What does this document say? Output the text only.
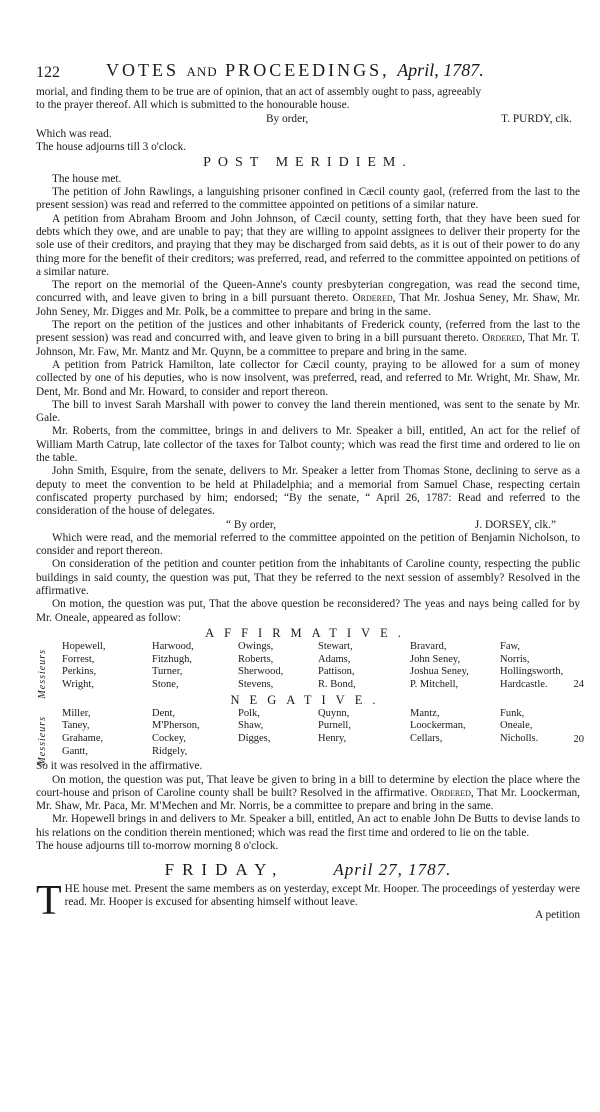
122	VOTES AND PROCEEDINGS, April, 1787.

morial, and finding them to be true are of opinion, that an act of assembly ought to pass, agreeably

to the prayer thereof. All which is submitted to the honourable house.

By order,	T. PURDY, clk.

Which was read.

The house adjourns till 3 o'clock.

POST MERIDIEM.

The house met.

The petition of John Rawlings, a languishing prisoner confined in Cæcil county gaol, (referred from the last to the present session) was read and referred to the committee appointed on petitions of a similar nature.

A petition from Abraham Broom and John Johnson, of Cæcil county, setting forth, that they have been sued for debts which they owe, and are unable to pay; that they are willing to appoint assignees to deliver their property for the sole use of their creditors, and praying that they may be discharged from said debts, as it is out of their power to do any thing more for the benefit of their creditors; was preferred, read, and referred to the committee appointed on petitions of a similar nature.

The report on the memorial of the Queen-Anne's county presbyterian congregation, was read the second time, concurred with, and leave given to bring in a bill pursuant thereto. Ordered, That Mr. Joshua Seney, Mr. Shaw, Mr. John Seney, Mr. Digges and Mr. Polk, be a committee to prepare and bring in the same.

The report on the petition of the justices and other inhabitants of Frederick county, (referred from the last to the present session) was read and concurred with, and leave given to bring in a bill pursuant thereto. Ordered, That Mr. T. Johnson, Mr. Faw, Mr. Mantz and Mr. Quynn, be a committee to prepare and bring in the same.

A petition from Patrick Hamilton, late collector for Cæcil county, praying to be allowed for a sum of money collected by one of his deputies, who is now insolvent, was preferred, read, and referred to Mr. Wright, Mr. Shaw, Mr. Dent, Mr. Bond and Mr. Howard, to consider and report thereon.

The bill to invest Sarah Marshall with power to convey the land therein mentioned, was sent to the senate by Mr. Gale.

Mr. Roberts, from the committee, brings in and delivers to Mr. Speaker a bill, entitled, An act for the relief of William Marth Catrup, late collector of the taxes for Talbot county; which was read the first time and ordered to lie on the table.

John Smith, Esquire, from the senate, delivers to Mr. Speaker a letter from Thomas Stone, declining to serve as a deputy to meet the convention to be held at Philadelphia; and a memorial from Samuel Chase, respecting certain confiscated property purchased by him; endorsed; “By the senate, “ April 26, 1787: Read and referred to the consideration of the house of delegates.

“ By order,	J. DORSEY, clk.”

Which were read, and the memorial referred to the committee appointed on the petition of Benjamin Nicholson, to consider and report thereon.

On consideration of the petition and counter petition from the inhabitants of Caroline county, respecting the public buildings in said county, the question was put, That they be referred to the next session of assembly? Resolved in the affirmative.

On motion, the question was put, That the above question be reconsidered? The yeas and nays being called for by Mr. Oneale, appeared as follow:

AFFIRMATIVE.
Messieurs
Hopewell,	Harwood,	Owings,	Stewart,	Bravard,	Faw,
Forrest,	Fitzhugh,	Roberts,	Adams,	John Seney,	Norris,
Perkins,	Turner,	Sherwood,	Pattison,	Joshua Seney,	Hollingsworth,
Wright,	Stone,	Stevens,	R. Bond,	P. Mitchell,	Hardcastle.	24
NEGATIVE.
Messieurs
Miller,	Dent,	Polk,	Quynn,	Mantz,	Funk,
Taney,	M'Pherson,	Shaw,	Purnell,	Loockerman,	Oneale,
Grahame,	Cockey,	Digges,	Henry,	Cellars,	Nicholls.
Gantt,	Ridgely,
20

So it was resolved in the affirmative.

On motion, the question was put, That leave be given to bring in a bill to determine by election the place where the court-house and prison of Caroline county shall be built? Resolved in the affirmative. Ordered, That Mr. Loockerman, Mr. Shaw, Mr. Paca, Mr. M'Mechen and Mr. Norris, be a committee to prepare and bring in the same.

Mr. Hopewell brings in and delivers to Mr. Speaker a bill, entitled, An act to enable John De Butts to devise lands to his relations on the condition therein mentioned; which was read the first time and ordered to lie on the table.

The house adjourns till to-morrow morning 8 o'clock.

FRIDAY,	April 27, 1787.

THE house met. Present the same members as on yesterday, except Mr. Hooper. The proceedings of yesterday were read. Mr. Hooper is excused for absenting himself without leave.

A petition
